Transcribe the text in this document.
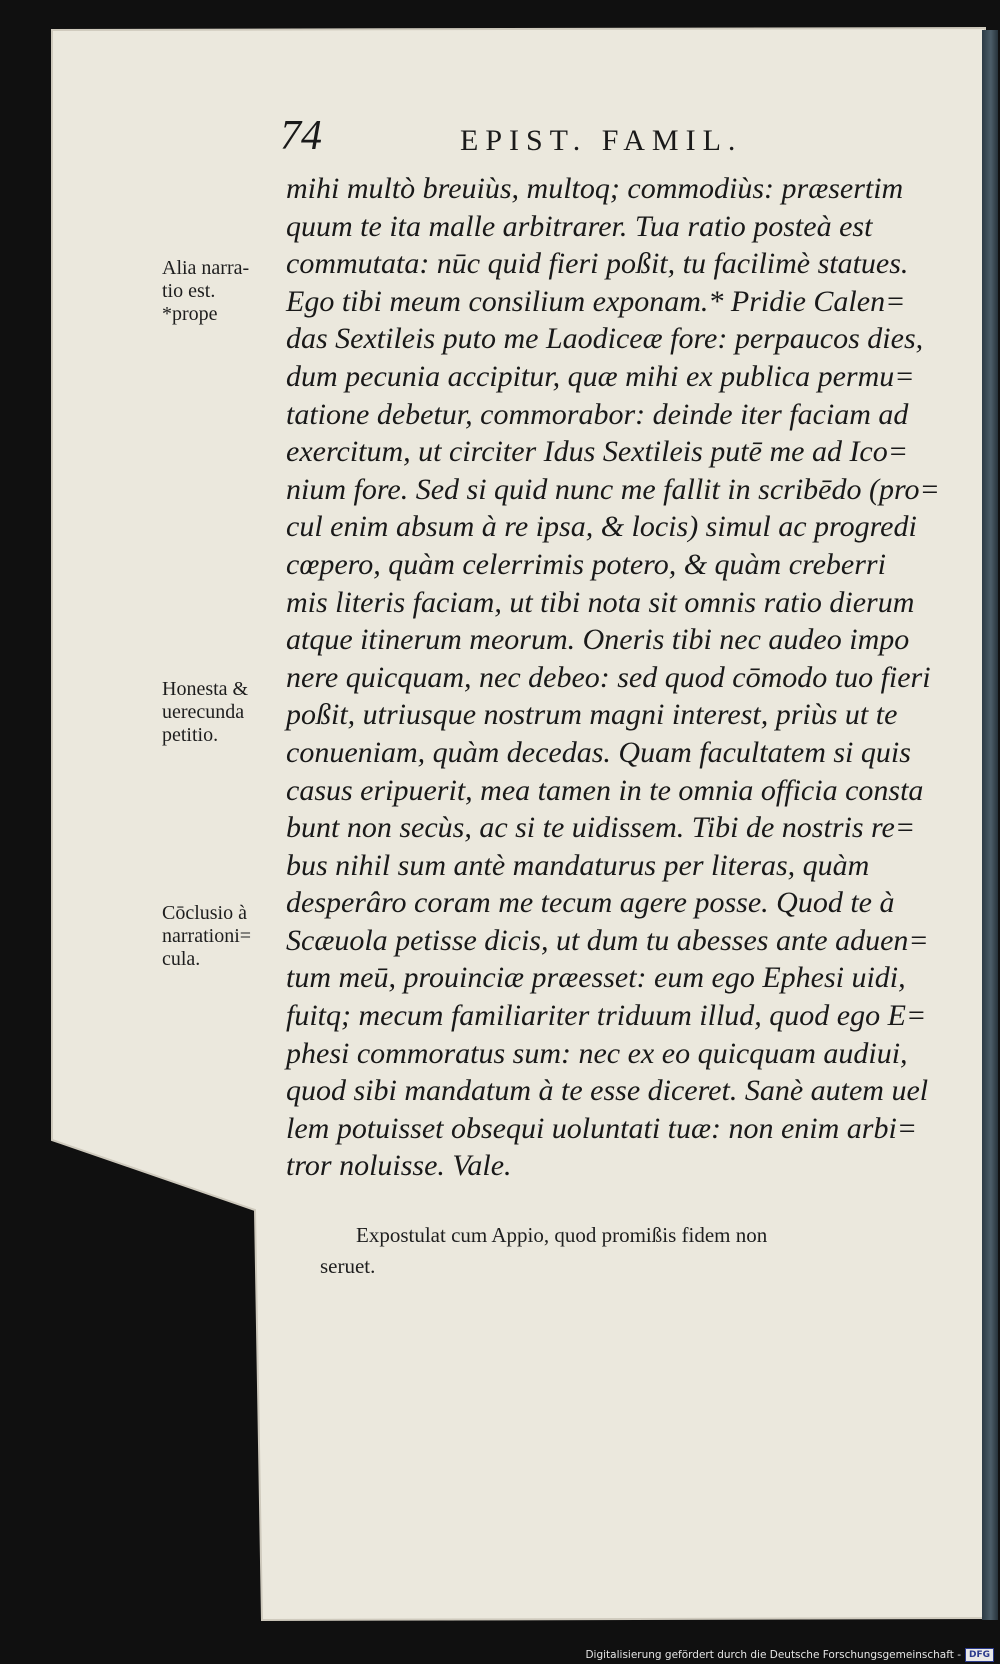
74	EPIST. FAMIL.
Alia narra-
tio est.
*prope
Honesta &
uerecunda
petitio.
Cōclusio à
narrationi=
cula.
mihi multò breuiùs, multoq; commodiùs: præsertim
quum te ita malle arbitrarer. Tua ratio posteà est
commutata: nūc quid fieri poßit, tu facilimè statues.
Ego tibi meum consilium exponam.* Pridie Calen=
das Sextileis puto me Laodiceæ fore: perpaucos dies,
dum pecunia accipitur, quæ mihi ex publica permu=
tatione debetur, commorabor: deinde iter faciam ad
exercitum, ut circiter Idus Sextileis putē me ad Ico=
nium fore. Sed si quid nunc me fallit in scribēdo (pro=
cul enim absum à re ipsa, & locis) simul ac progredi
cœpero, quàm celerrimis potero, & quàm creberri
mis literis faciam, ut tibi nota sit omnis ratio dierum
atque itinerum meorum. Oneris tibi nec audeo impo
nere quicquam, nec debeo: sed quod cōmodo tuo fieri
poßit, utriusque nostrum magni interest, priùs ut te
conueniam, quàm decedas. Quam facultatem si quis
casus eripuerit, mea tamen in te omnia officia consta
bunt non secùs, ac si te uidissem. Tibi de nostris re=
bus nihil sum antè mandaturus per literas, quàm
desperâro coram me tecum agere posse. Quod te à
Scæuola petisse dicis, ut dum tu abesses ante aduen=
tum meū, prouinciæ præesset: eum ego Ephesi uidi,
fuitq; mecum familiariter triduum illud, quod ego E=
phesi commoratus sum: nec ex eo quicquam audiui,
quod sibi mandatum à te esse diceret. Sanè autem uel
lem potuisset obsequi uoluntati tuæ: non enim arbi=
tror noluisse. Vale.
Expostulat cum Appio, quod promißis fidem non
seruet.
Digitalisierung gefördert durch die Deutsche Forschungsgemeinschaft - DFG
